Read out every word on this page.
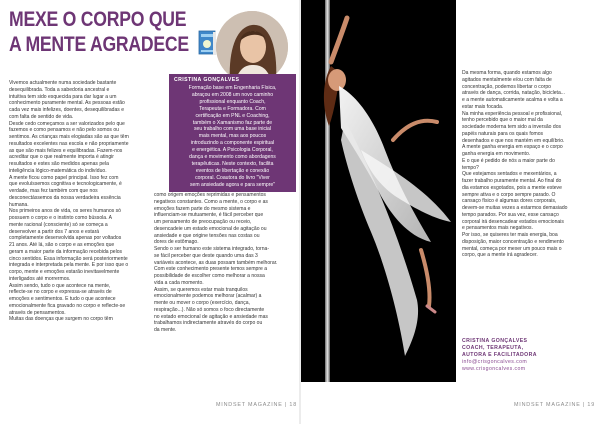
MEXE O CORPO QUE
A MENTE AGRADECE
CRISTINA GONÇALVES
Formação base em Engenharia Física,
abraçou em 2008 um novo caminho
profissional enquanto Coach,
Terapeuta e Formadora. Com
certificação em PNL e Coaching,
também o Xamanismo faz parte de
seu trabalho com uma base inicial
mais mental, mas aos poucos
introduzindo a componente espiritual
e energética. A Psicologia Corporal,
dança e movimento como abordagens
terapêuticas. Neste contexto, facilita
eventos de libertação e conexão
corporal. Coautora do livro "Viver
sem ansiedade agora e para sempre"

Vivemos actualmente numa sociedade bastante

desequilibrada. Toda a sabedoria ancestral e

intuitiva tem sido esquecida para dar lugar a um

conhecimento puramente mental. As pessoas estão

cada vez mais infelizes, doentes, desequilibradas e

com falta de sentido de vida.

Desde cedo começamos a ser valorizados pelo que

fazemos e como pensamos e não pelo somos ou

sentimos. As crianças mais elogiadas são as que têm

resultados excelentes nas escola e não propriamente

as que são mais felizes e equilibradas. Fazem-nos

acreditar que o que realmente importa é atingir

resultados e estes são medidos apenas pela

inteligência lógico-matemática do indivíduo.

A mente ficou como papel principal. Isso fez com

que evoluíssemos cognitiva e tecnologicamente, é

verdade, mas fez também com que nos

desconectássemos da nossa verdadeira essência

humana.

Nos primeiros anos de vida, os seres humanos só

possuem o corpo e o instinto como bússola. A

mente racional (consciente) só se começa a

desenvolver a partir dos 7 anos e estará

completamente desenvolvida apenas por voltados

21 anos. Até lá, são o corpo e as emoções que

geram a maior parte da informação recebida pelos

cinco sentidos. Essa informação será posteriormente

integrada e interpretada pela mente. E por isso que o

corpo, mente e emoções estarão inevitavelmente

interligados até morrermos.

Assim sendo, tudo o que acontece na mente,

reflecte-se no corpo e expressa-se através de

emoções e sentimentos. E tudo o que acontece

emocionalmente fica gravado no corpo e reflecte-se

através de pensamentos.

Muitas das doenças que surgem no corpo têm

como origem emoções reprimidas e pensamentos

negativos constantes. Como a mente, o corpo e as

emoções fazem parte do mesmo sistema e

influenciam-se mutuamente, é fácil perceber que

um pensamento de preocupação ou receio,

desencadeie um estado emocional de agitação ou

ansiedade e que origine tensões nas costas ou

dores de estômago.

Sendo o ser humano este sistema integrado, torna-

se fácil perceber que deste quando uma das 3

variáveis acontece, as duas possam também melhorar.

Com este conhecimento presente temos sempre a

possibilidade de escolher como melhorar a nossa

vida a cada momento.

Assim, se queremos estar mais tranquilos

emocionalmente podemos melhorar (acalmar) a

mente ou mover o corpo (exercício, dança,

respiração...). Não só somos o foco directamente

no estado emocional de agitação e ansiedade mas

trabalhamos indirectamente através do corpo ou

da mente.

Da mesma forma, quando estamos algo

agitados mentalmente e/ou com falta de

concentração, podemos libertar o corpo

através de dança, corrida, natação, bicicleta...

e a mente automaticamente acalma e volta a

estar mais focada.

Na minha experiência pessoal e profissional,

tenho percebido que o maior mal da

sociedade moderna tem sido a inversão dos

papéis naturais para os quais fomos

desenhados e que nos mantém em equilíbrio.

A mente ganha energia em espaço e o corpo

ganha energia em movimento.

E o que é pedido de nós a maior parte do

tempo?

Que estejamos sentados e mexentários, a

fazer trabalho puramente mental. Ao final do

dia estamos esgotados, pois a mente esteve

sempre ativa e o corpo sempre parado. O

cansaço físico é algumas dores corporais,

devem-se muitas vezes a estarmos demasiado

tempo parados. Por sua vez, esse cansaço

corporal irá desencadear estados emocionais

e pensamentos mais negativos.

Por isso, se quiseres ter mais energia, boa

disposição, maior concentração e rendimento

mental, começa por mexer um pouco mais o

corpo, que a mente irá agradecer.

CRISTINA GONÇALVES
COACH, TERAPEUTA,
AUTORA E FACILITADORA
info@crisgoncalves.com
www.crisgoncalves.com
MINDSET MAGAZINE | 18	MINDSET MAGAZINE | 19
